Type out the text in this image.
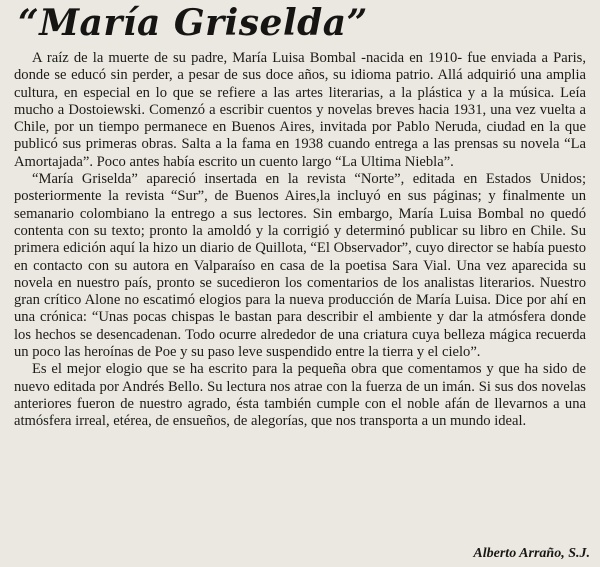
“María Griselda”

A raíz de la muerte de su padre, María Luisa Bombal -nacida en 1910- fue enviada a Paris, donde se educó sin perder, a pesar de sus doce años, su idioma patrio. Allá adquirió una amplia cultura, en especial en lo que se refiere a las artes literarias, a la plástica y a la música. Leía mucho a Dostoiewski. Comenzó a escribir cuentos y novelas breves hacia 1931, una vez vuelta a Chile, por un tiempo permanece en Buenos Aires, invitada por Pablo Neruda, ciudad en la que publicó sus primeras obras. Salta a la fama en 1938 cuando entrega a las prensas su novela “La Amortajada”. Poco antes había escrito un cuento largo “La Ultima Niebla”.

“María Griselda” apareció insertada en la revista “Norte”, editada en Estados Unidos; posteriormente la revista “Sur”, de Buenos Aires,la incluyó en sus páginas; y finalmente un semanario colombiano la entrego a sus lectores. Sin embargo, María Luisa Bombal no quedó contenta con su texto; pronto la amoldó y la corrigió y determinó publicar su libro en Chile. Su primera edición aquí la hizo un diario de Quillota, “El Observador”, cuyo director se había puesto en contacto con su autora en Valparaíso en casa de la poetisa Sara Vial. Una vez aparecida su novela en nuestro país, pronto se sucedieron los comentarios de los analistas literarios. Nuestro gran crítico Alone no escatimó elogios para la nueva producción de María Luisa. Dice por ahí en una crónica: “Unas pocas chispas le bastan para describir el ambiente y dar la atmósfera donde los hechos se desencadenan. Todo ocurre alrededor de una criatura cuya belleza mágica recuerda un poco las heroínas de Poe y su paso leve suspendido entre la tierra y el cielo”.

Es el mejor elogio que se ha escrito para la pequeña obra que comentamos y que ha sido de nuevo editada por Andrés Bello. Su lectura nos atrae con la fuerza de un imán. Si sus dos novelas anteriores fueron de nuestro agrado, ésta también cumple con el noble afán de llevarnos a una atmósfera irreal, etérea, de ensueños, de alegorías, que nos transporta a un mundo ideal.

Alberto Arraño, S.J.
